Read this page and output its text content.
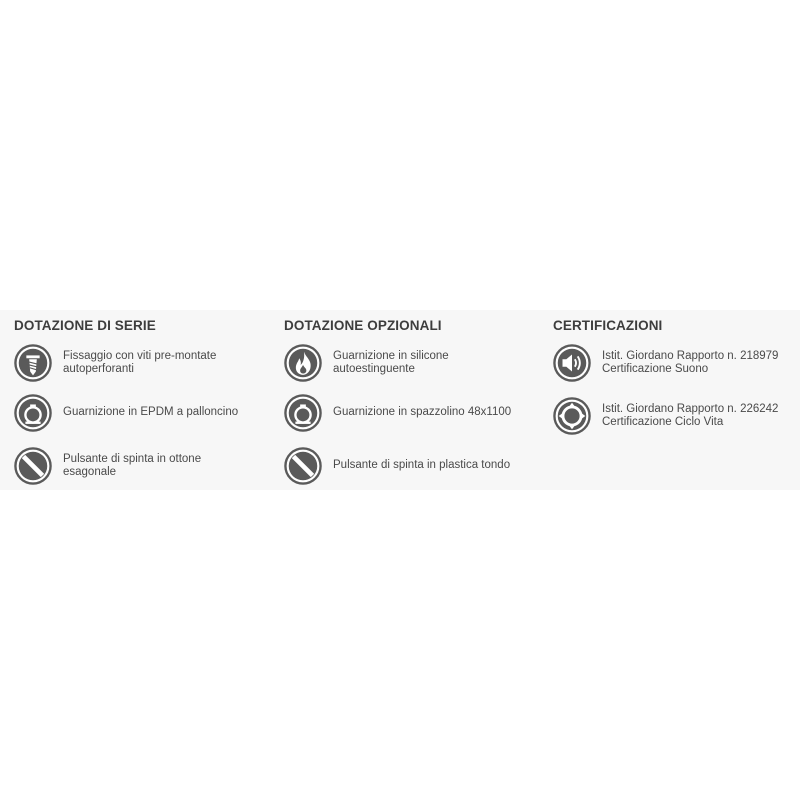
DOTAZIONE DI SERIE
Fissaggio con viti pre-montate
autoperforanti
Guarnizione in EPDM a palloncino
Pulsante di spinta in ottone
esagonale
DOTAZIONE OPZIONALI
Guarnizione in silicone
autoestinguente
Guarnizione in spazzolino 48x1100
Pulsante di spinta in plastica tondo
CERTIFICAZIONI
Istit. Giordano Rapporto n. 218979
Certificazione Suono
Istit. Giordano Rapporto n. 226242
Certificazione Ciclo Vita
